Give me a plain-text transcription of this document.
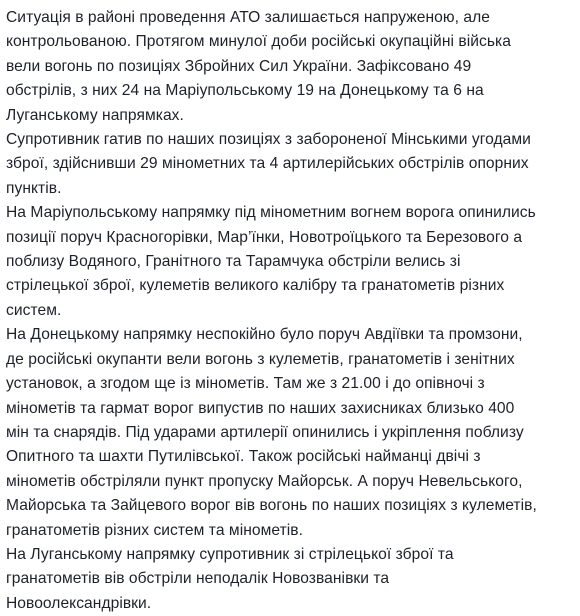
Ситуація в районі проведення АТО залишається напруженою, але
контрольованою. Протягом минулої доби російські окупаційні війська
вели вогонь по позиціях Збройних Сил України. Зафіксовано 49
обстрілів, з них 24 на Маріупольському 19 на Донецькому та 6 на
Луганському напрямках.
Супротивник гатив по наших позиціях з забороненої Мінськими угодами
зброї, здійснивши 29 мінометних та 4 артилерійських обстрілів опорних
пунктів.
На Маріупольському напрямку під мінометним вогнем ворога опинились
позиції поруч Красногорівки, Мар’їнки, Новотроїцького та Березового а
поблизу Водяного, Гранітного та Тарамчука обстріли велись зі
стрілецької зброї, кулеметів великого калібру та гранатометів різних
систем.
На Донецькому напрямку неспокійно було поруч Авдіївки та промзони,
де російські окупанти вели вогонь з кулеметів, гранатометів і зенітних
установок, а згодом ще із мінометів. Там же з 21.00 і до опівночі з
мінометів та гармат ворог випустив по наших захисниках близько 400
мін та снарядів. Під ударами артилерії опинились і укріплення поблизу
Опитного та шахти Путилівської. Також російські найманці двічі з
мінометів обстріляли пункт пропуску Майорськ. А поруч Невельського,
Майорська та Зайцевого ворог вів вогонь по наших позиціях з кулеметів,
гранатометів різних систем та мінометів.
На Луганському напрямку супротивник зі стрілецької зброї та
гранатометів вів обстріли неподалік Новозванівки та
Новоолександрівки.
